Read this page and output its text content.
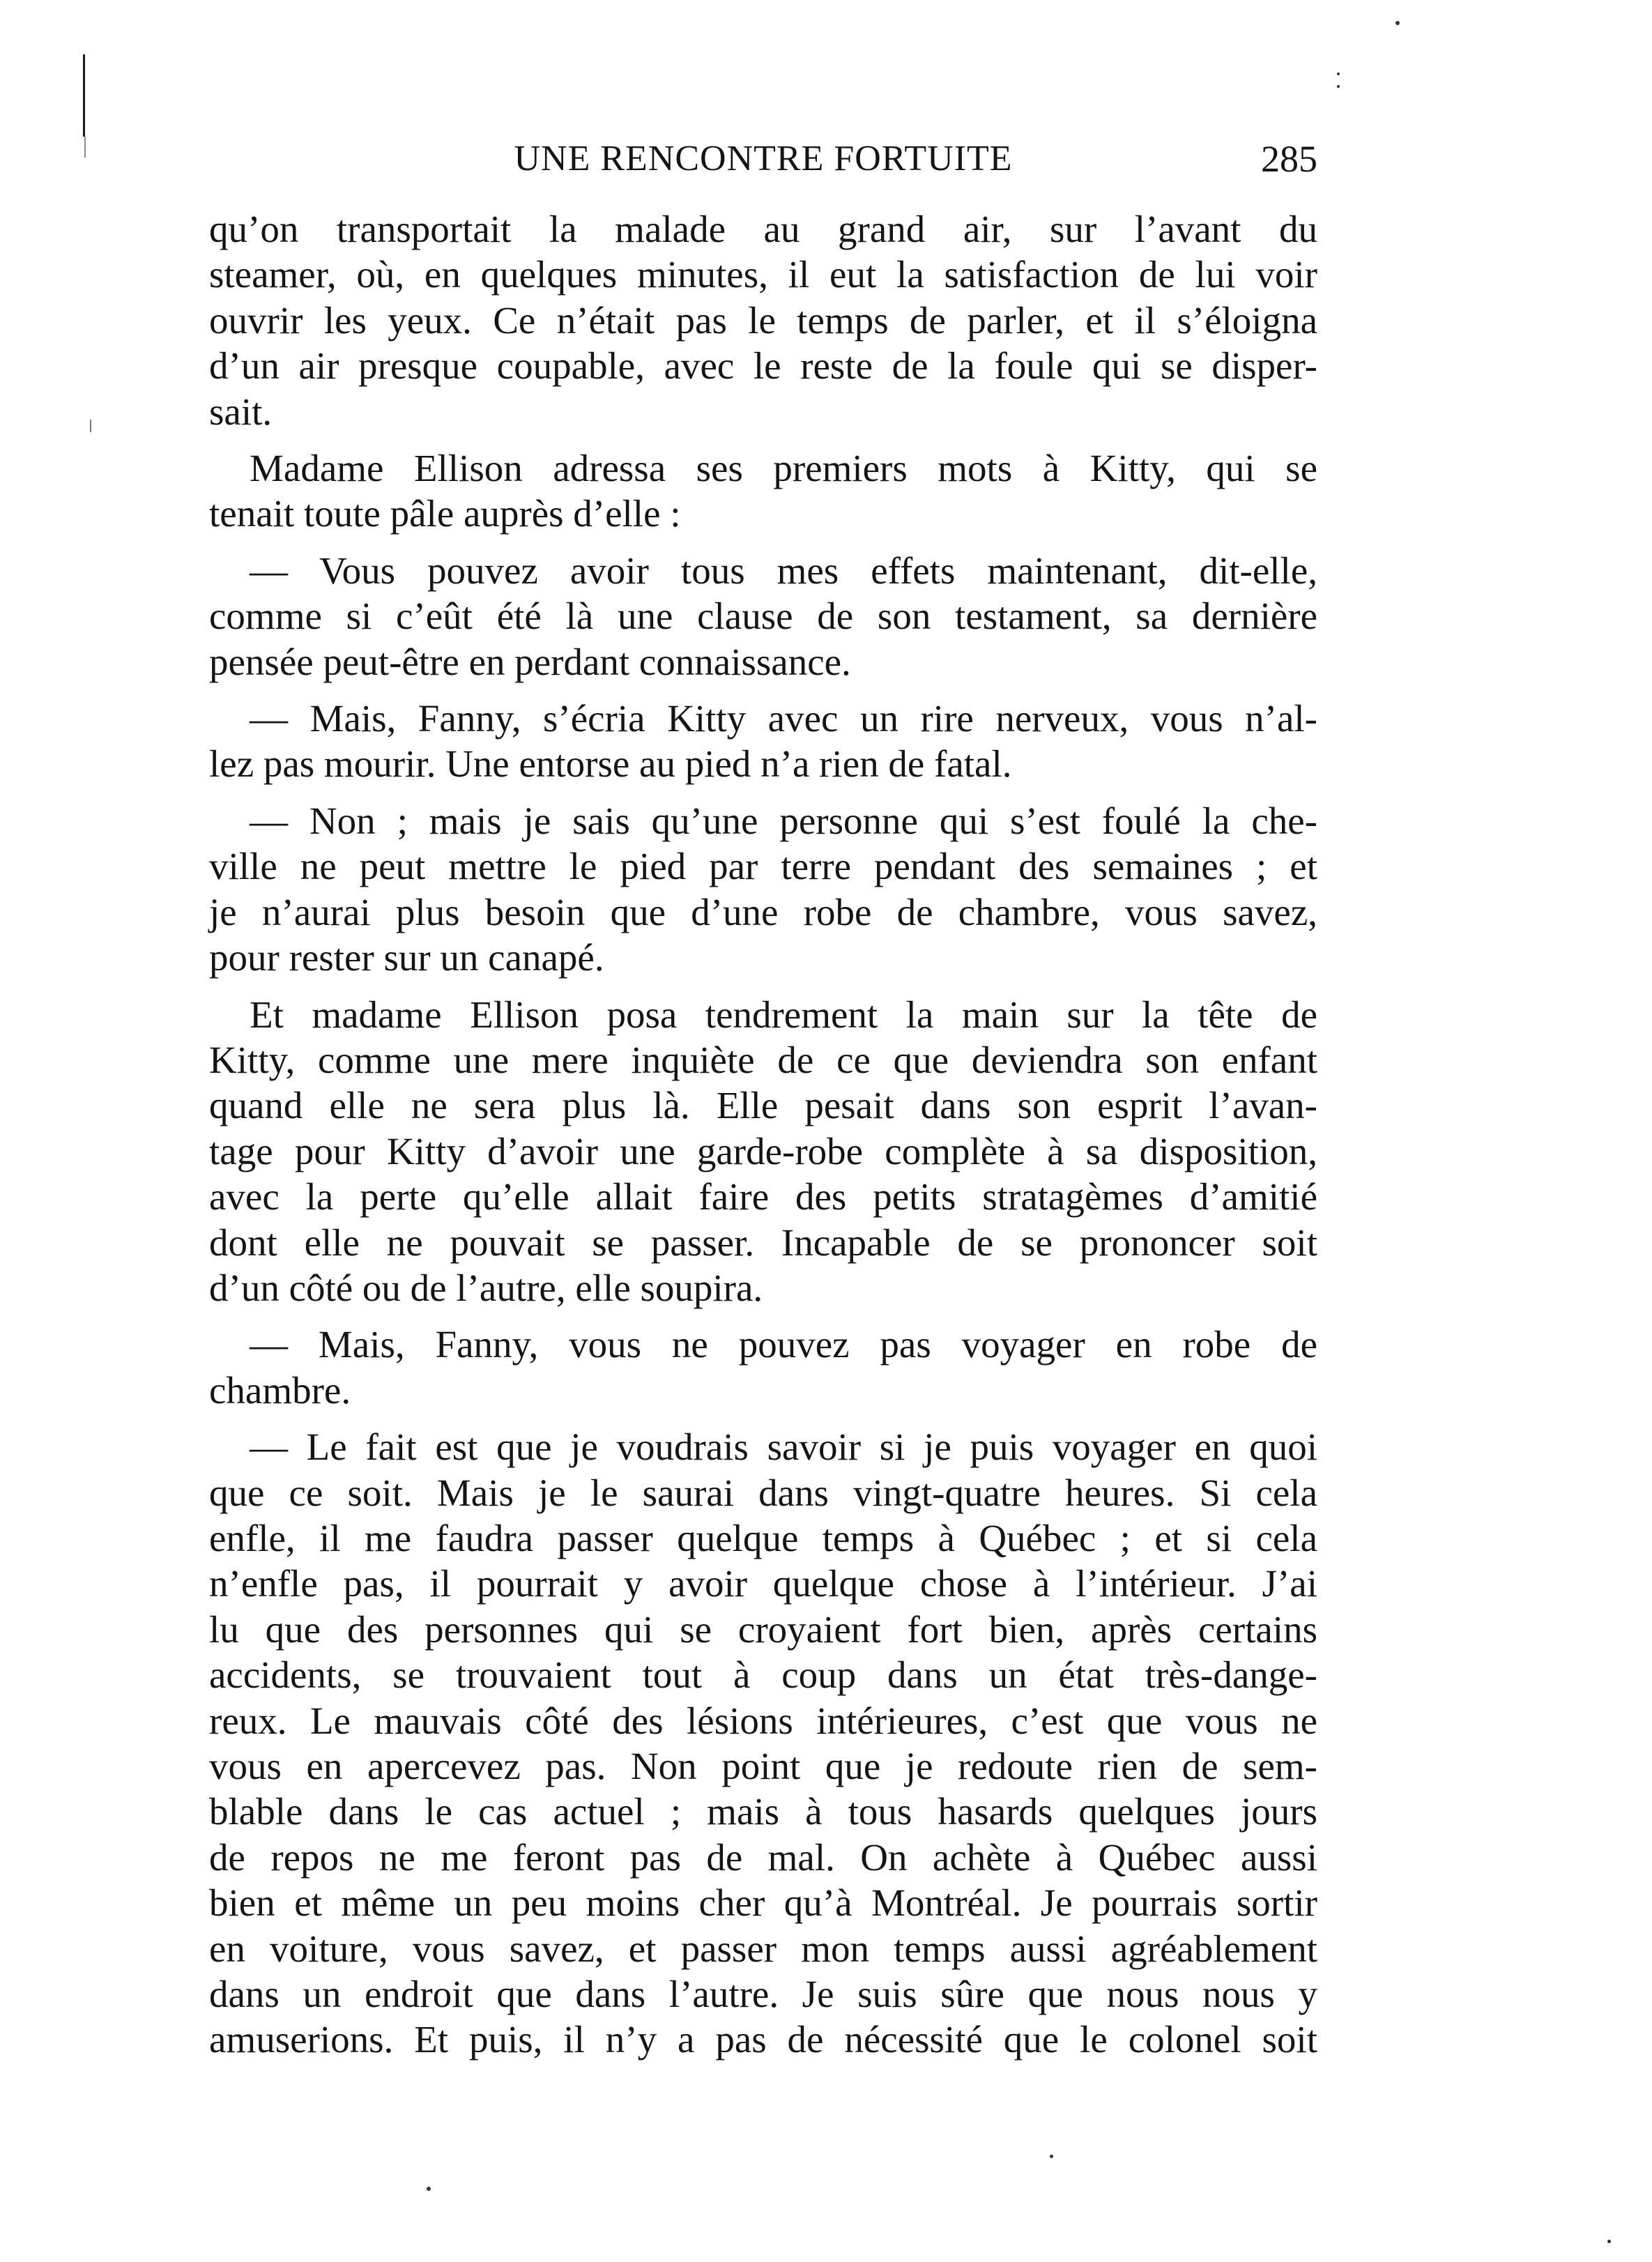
UNE RENCONTRE FORTUITE	285

qu’on transportait la malade au grand air, sur l’avant du
steamer, où, en quelques minutes, il eut la satisfaction de lui voir
ouvrir les yeux. Ce n’était pas le temps de parler, et il s’éloigna
d’un air presque coupable, avec le reste de la foule qui se disper-
sait.

Madame Ellison adressa ses premiers mots à Kitty, qui se
tenait toute pâle auprès d’elle :

— Vous pouvez avoir tous mes effets maintenant, dit-elle,
comme si c’eût été là une clause de son testament, sa dernière
pensée peut-être en perdant connaissance.

— Mais, Fanny, s’écria Kitty avec un rire nerveux, vous n’al-
lez pas mourir. Une entorse au pied n’a rien de fatal.

— Non ; mais je sais qu’une personne qui s’est foulé la che-
ville ne peut mettre le pied par terre pendant des semaines ; et
je n’aurai plus besoin que d’une robe de chambre, vous savez,
pour rester sur un canapé.

Et madame Ellison posa tendrement la main sur la tête de
Kitty, comme une mere inquiète de ce que deviendra son enfant
quand elle ne sera plus là. Elle pesait dans son esprit l’avan-
tage pour Kitty d’avoir une garde-robe complète à sa disposition,
avec la perte qu’elle allait faire des petits stratagèmes d’amitié
dont elle ne pouvait se passer. Incapable de se prononcer soit
d’un côté ou de l’autre, elle soupira.

— Mais, Fanny, vous ne pouvez pas voyager en robe de
chambre.

— Le fait est que je voudrais savoir si je puis voyager en quoi
que ce soit. Mais je le saurai dans vingt-quatre heures. Si cela
enfle, il me faudra passer quelque temps à Québec ; et si cela
n’enfle pas, il pourrait y avoir quelque chose à l’intérieur. J’ai
lu que des personnes qui se croyaient fort bien, après certains
accidents, se trouvaient tout à coup dans un état très-dange-
reux. Le mauvais côté des lésions intérieures, c’est que vous ne
vous en apercevez pas. Non point que je redoute rien de sem-
blable dans le cas actuel ; mais à tous hasards quelques jours
de repos ne me feront pas de mal. On achète à Québec aussi
bien et même un peu moins cher qu’à Montréal. Je pourrais sortir
en voiture, vous savez, et passer mon temps aussi agréablement
dans un endroit que dans l’autre. Je suis sûre que nous nous y
amuserions. Et puis, il n’y a pas de nécessité que le colonel soit
